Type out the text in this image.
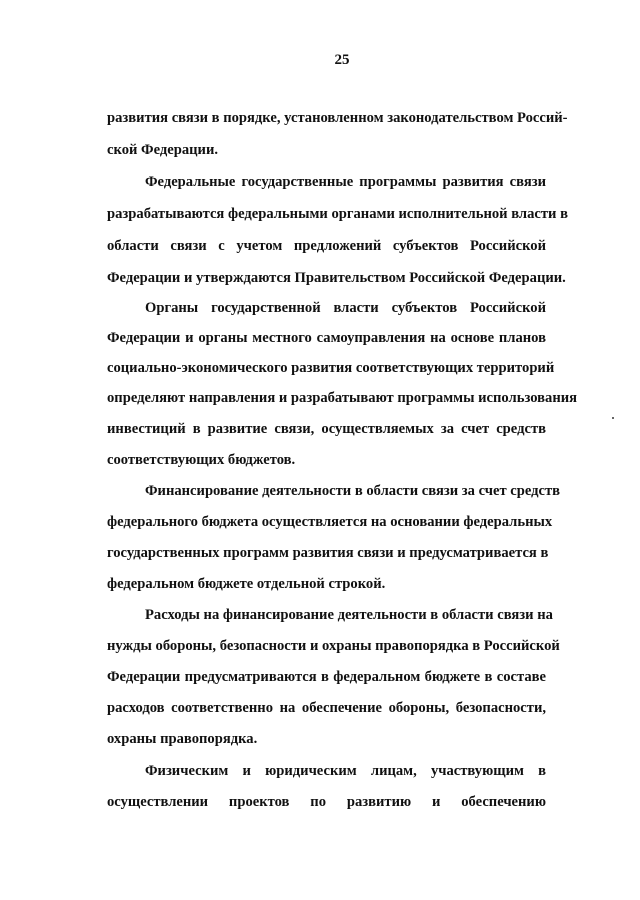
25
развития связи в порядке, установленном законодательством Россий-
ской Федерации.
Федеральные государственные программы развития связи
разрабатываются федеральными органами исполнительной власти в
области связи с учетом предложений субъектов Российской
Федерации и утверждаются Правительством Российской Федерации.
Органы государственной власти субъектов Российской
Федерации и органы местного самоуправления на основе планов
социально-экономического развития соответствующих территорий
определяют направления и разрабатывают программы использования
инвестиций в развитие связи, осуществляемых за счет средств
соответствующих бюджетов.
Финансирование деятельности в области связи за счет средств
федерального бюджета осуществляется на основании федеральных
государственных программ развития связи и предусматривается в
федеральном бюджете отдельной строкой.
Расходы на финансирование деятельности в области связи на
нужды обороны, безопасности и охраны правопорядка в Российской
Федерации предусматриваются в федеральном бюджете в составе
расходов соответственно на обеспечение обороны, безопасности,
охраны правопорядка.
Физическим и юридическим лицам, участвующим в
осуществлении проектов по развитию и обеспечению
